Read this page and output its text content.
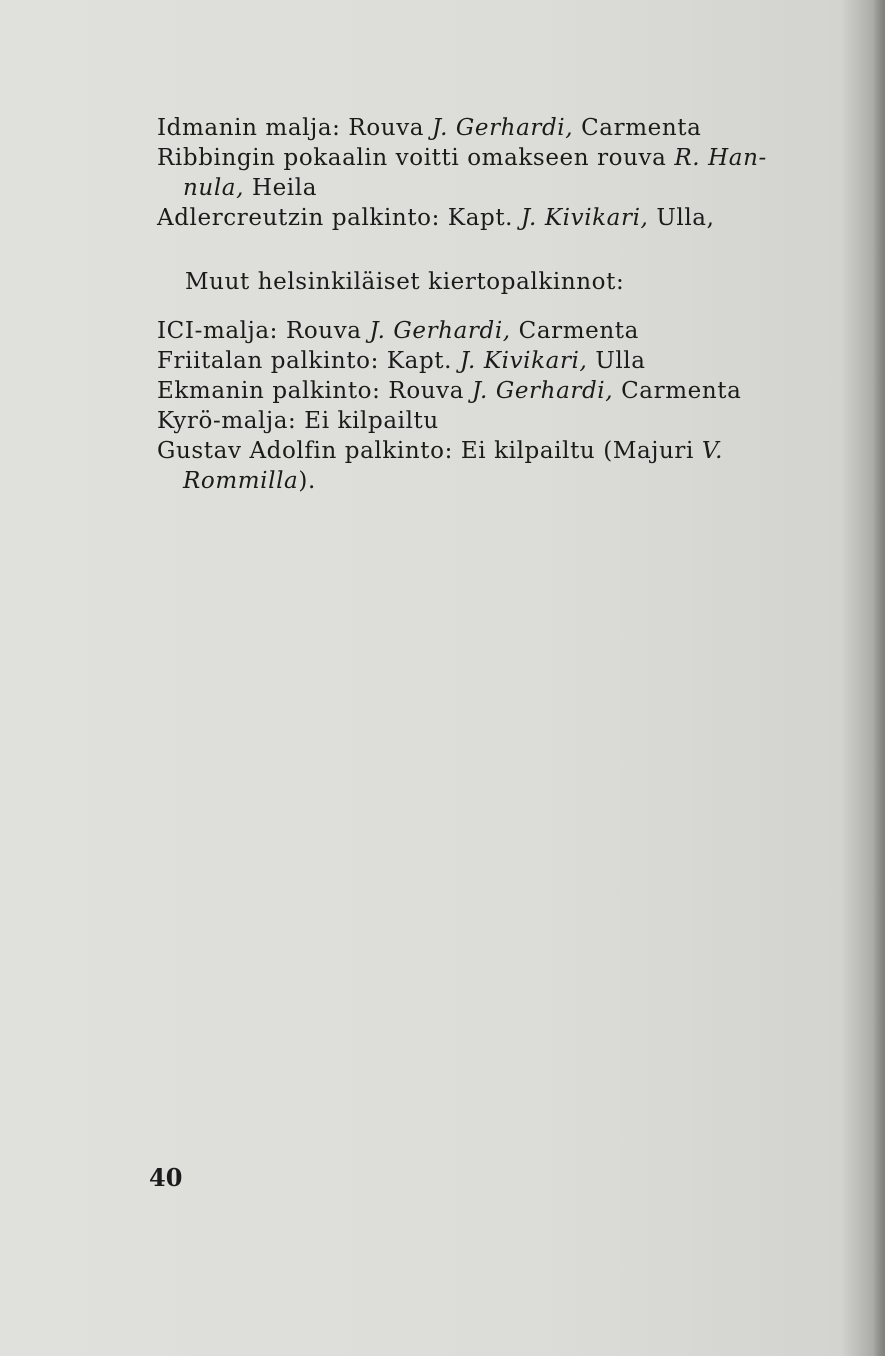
Idmanin malja: Rouva J. Gerhardi, Carmenta
Ribbingin pokaalin voitti omakseen rouva R. Han-
nula, Heila
Adlercreutzin palkinto: Kapt. J. Kivikari, Ulla,
Muut helsinkiläiset kiertopalkinnot:
ICI-malja: Rouva J. Gerhardi, Carmenta
Friitalan palkinto: Kapt. J. Kivikari, Ulla
Ekmanin palkinto: Rouva J. Gerhardi, Carmenta
Kyrö-malja: Ei kilpailtu
Gustav Adolfin palkinto: Ei kilpailtu (Majuri V.
Rommilla).

40
